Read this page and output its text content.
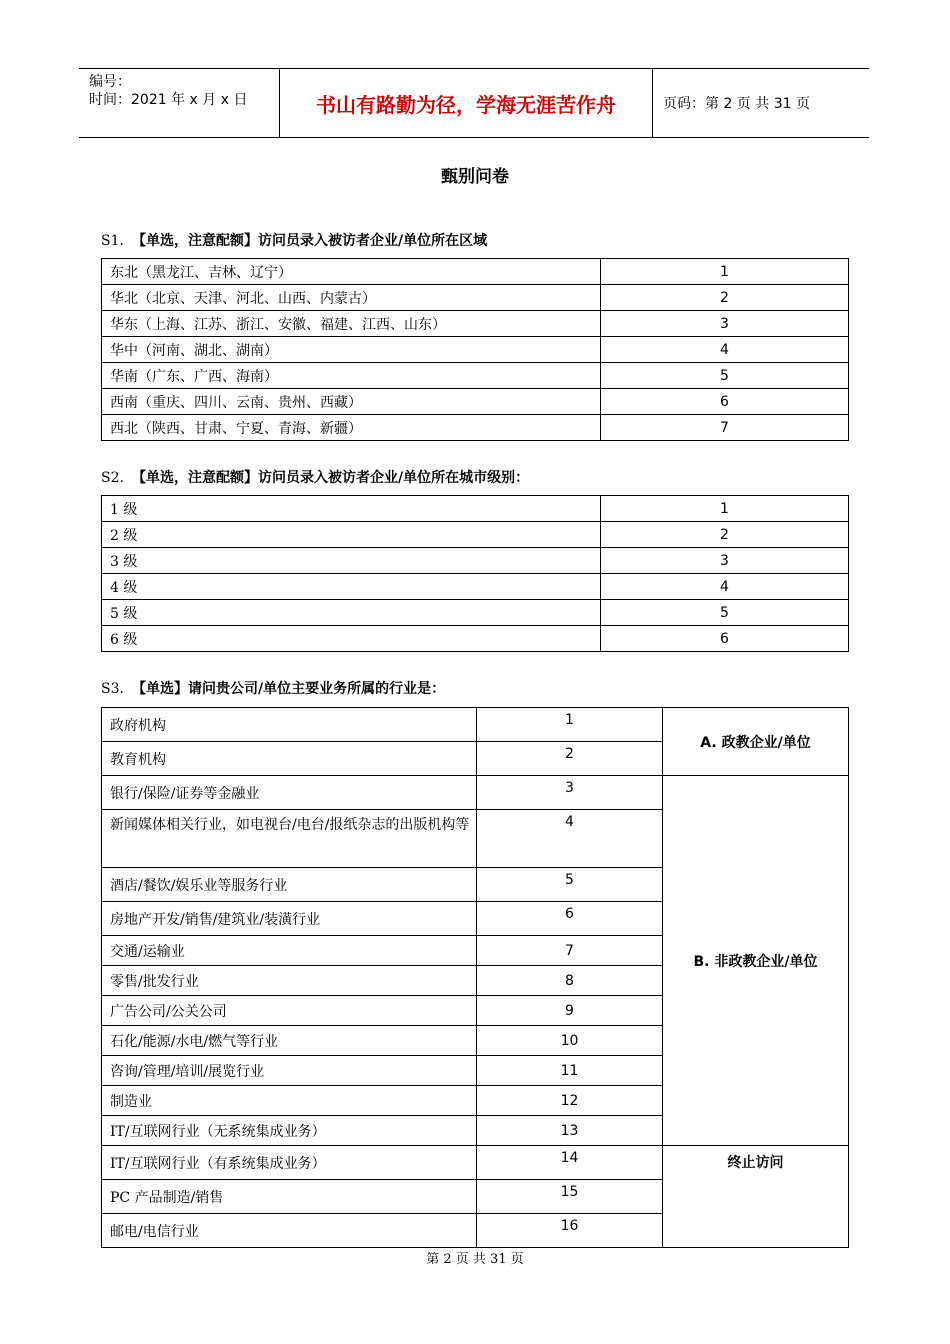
编号：
时间：2021 年 x 月 x 日	书山有路勤为径，学海无涯苦作舟	页码：第 2 页 共 31 页
甄别问卷
S1. 【单选，注意配额】访问员录入被访者企业/单位所在区域
东北（黑龙江、吉林、辽宁）	1
华北（北京、天津、河北、山西、内蒙古）	2
华东（上海、江苏、浙江、安徽、福建、江西、山东）	3
华中（河南、湖北、湖南）	4
华南（广东、广西、海南）	5
西南（重庆、四川、云南、贵州、西藏）	6
西北（陕西、甘肃、宁夏、青海、新疆）	7
S2. 【单选，注意配额】访问员录入被访者企业/单位所在城市级别：
1 级	1
2 级	2
3 级	3
4 级	4
5 级	5
6 级	6
S3. 【单选】请问贵公司/单位主要业务所属的行业是：
政府机构	1	A. 政教企业/单位
教育机构	2	
银行/保险/证券等金融业	3	B. 非政教企业/单位
新闻媒体相关行业，如电视台/电台/报纸杂志的出版机构等	4	
酒店/餐饮/娱乐业等服务行业	5	
房地产开发/销售/建筑业/装潢行业	6	
交通/运输业	7	
零售/批发行业	8	
广告公司/公关公司	9	
石化/能源/水电/燃气等行业	10	
咨询/管理/培训/展览行业	11	
制造业	12	
IT/互联网行业（无系统集成业务）	13	
IT/互联网行业（有系统集成业务）	14	终止访问
PC 产品制造/销售	15	
邮电/电信行业	16	
第 2 页 共 31 页
